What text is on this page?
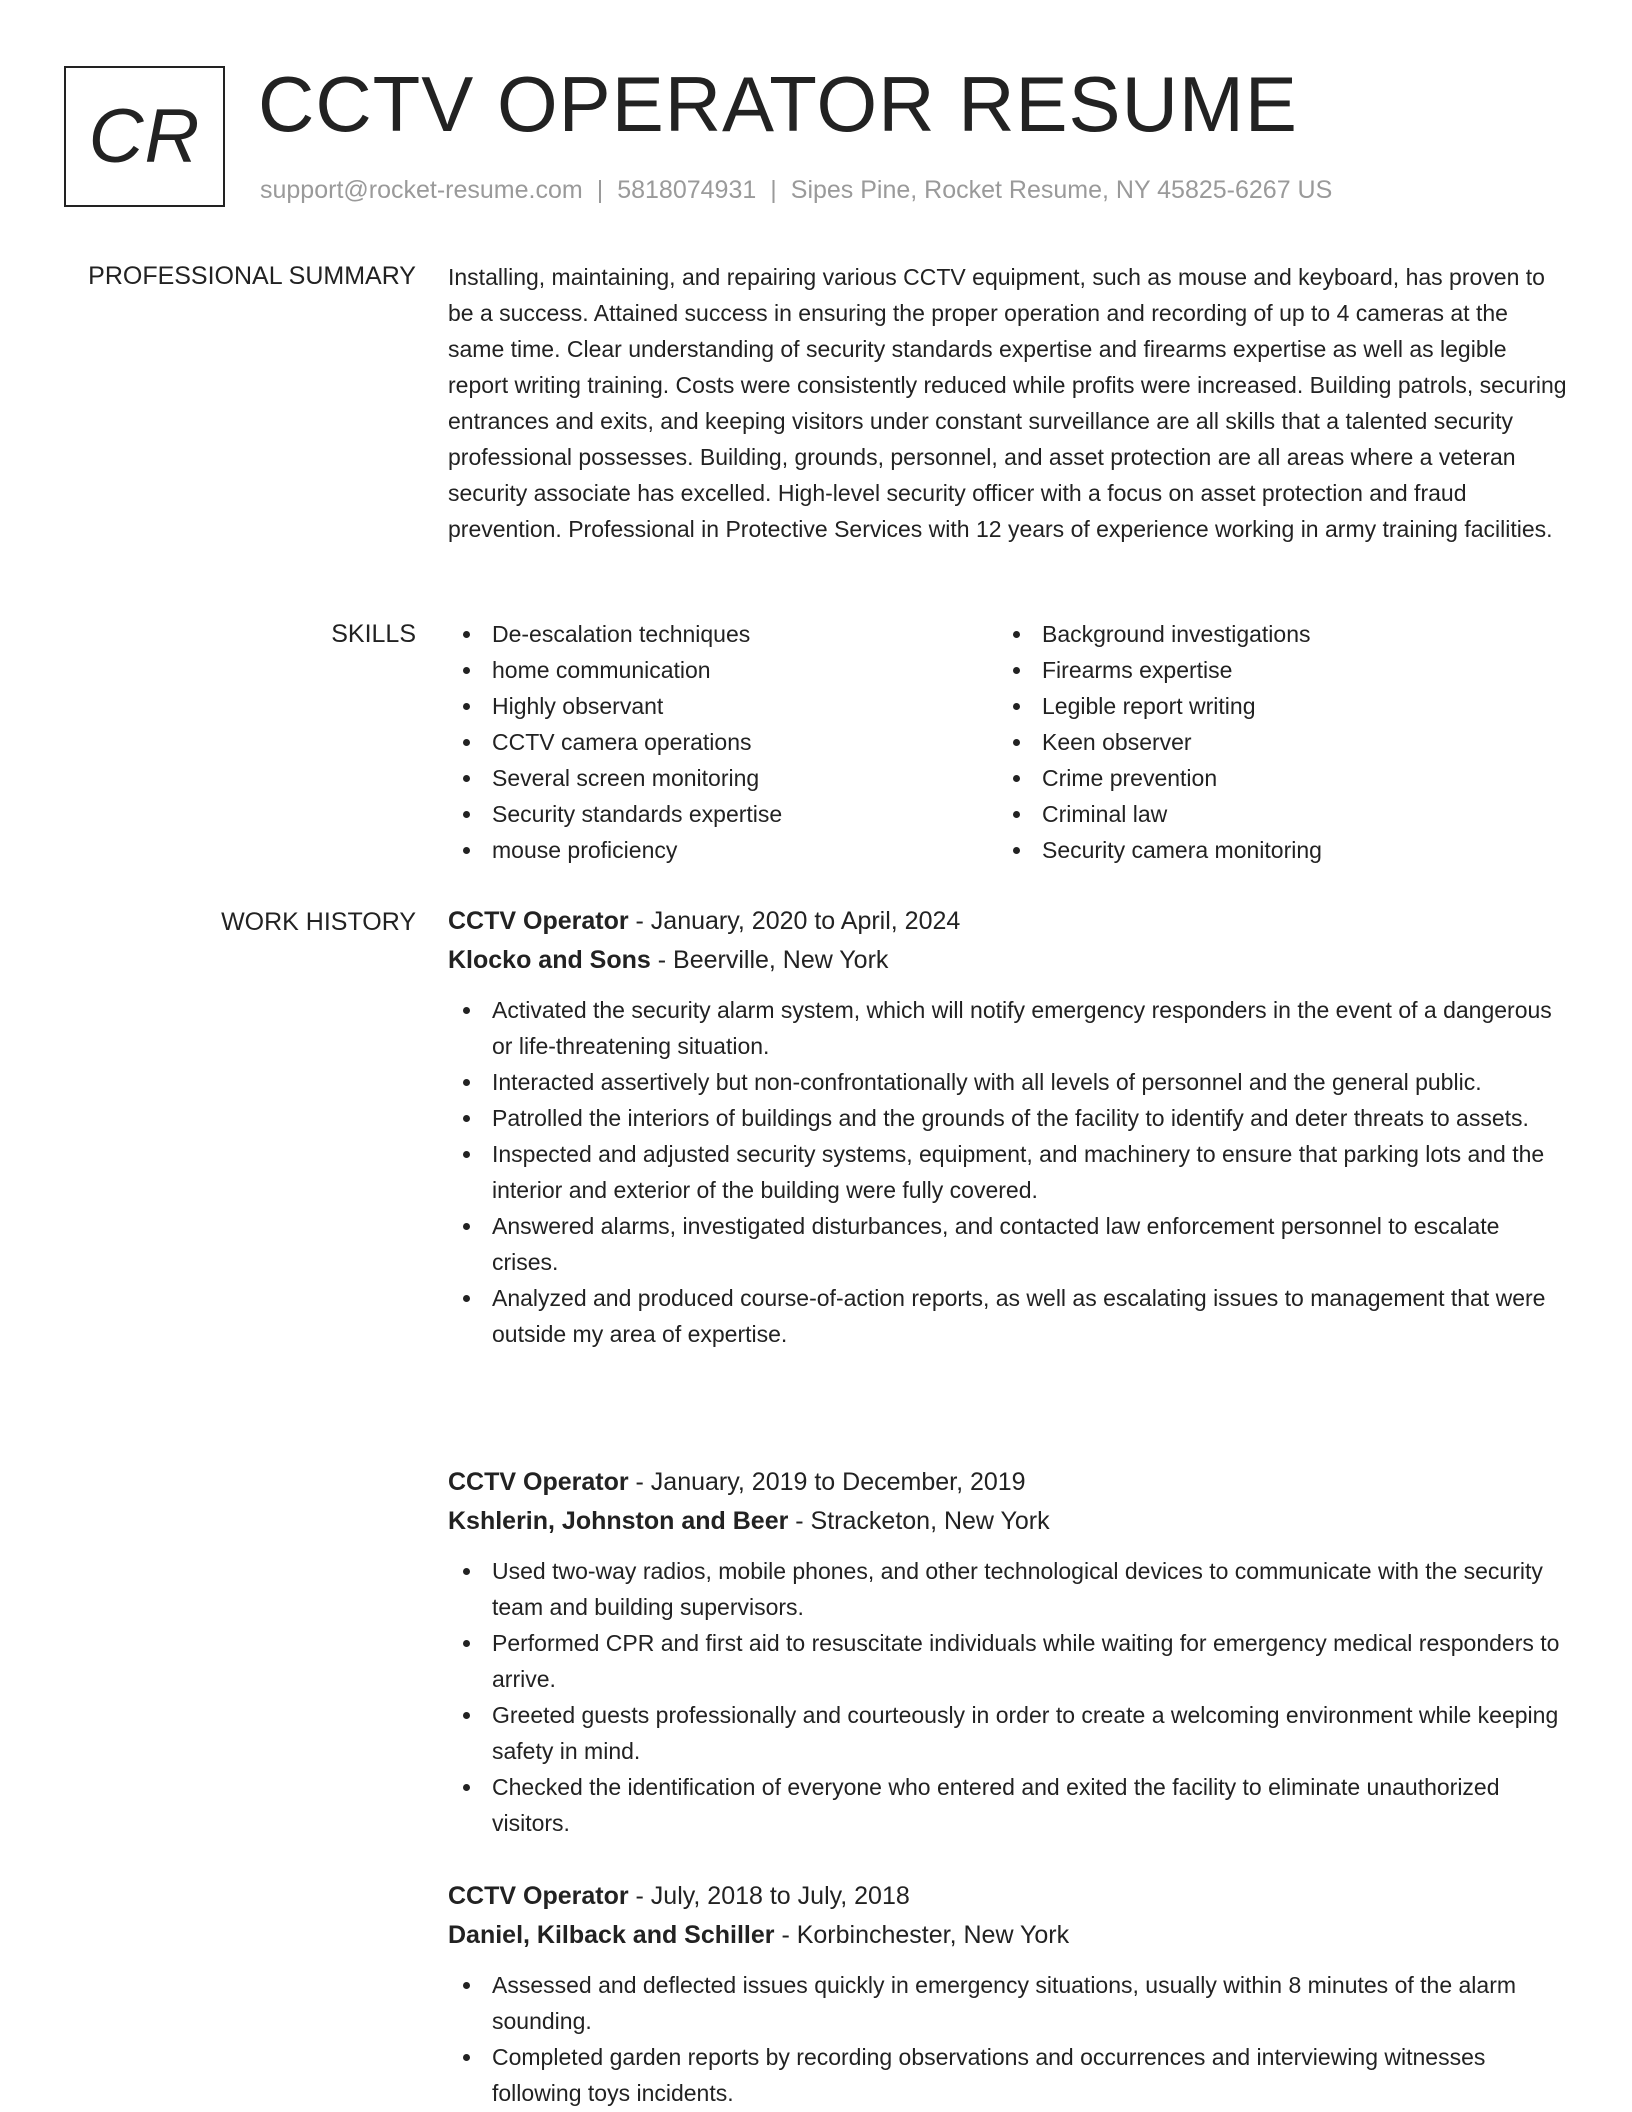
CR CCTV OPERATOR RESUME
support@rocket-resume.com | 5818074931 | Sipes Pine, Rocket Resume, NY 45825-6267 US
PROFESSIONAL SUMMARY Installing, maintaining, and repairing various CCTV equipment, such as mouse and keyboard, has proven to be a success. Attained success in ensuring the proper operation and recording of up to 4 cameras at the same time. Clear understanding of security standards expertise and firearms expertise as well as legible report writing training. Costs were consistently reduced while profits were increased. Building patrols, securing entrances and exits, and keeping visitors under constant surveillance are all skills that a talented security professional possesses. Building, grounds, personnel, and asset protection are all areas where a veteran security associate has excelled. High-level security officer with a focus on asset protection and fraud prevention. Professional in Protective Services with 12 years of experience working in army training facilities.

SKILLS	De-escalation techniques
home communication
Highly observant
CCTV camera operations
Several screen monitoring
Security standards expertise
mouse proficiency
Background investigations
Firearms expertise
Legible report writing
Keen observer
Crime prevention
Criminal law
Security camera monitoring
WORK HISTORY CCTV Operator - January, 2020 to April, 2024
Klocko and Sons - Beerville, New York
Activated the security alarm system, which will notify emergency responders in the event of a dangerous or life-threatening situation.
Interacted assertively but non-confrontationally with all levels of personnel and the general public.
Patrolled the interiors of buildings and the grounds of the facility to identify and deter threats to assets.
Inspected and adjusted security systems, equipment, and machinery to ensure that parking lots and the interior and exterior of the building were fully covered.
Answered alarms, investigated disturbances, and contacted law enforcement personnel to escalate crises.
Analyzed and produced course-of-action reports, as well as escalating issues to management that were outside my area of expertise.
CCTV Operator - January, 2019 to December, 2019
Kshlerin, Johnston and Beer - Stracketon, New York
Used two-way radios, mobile phones, and other technological devices to communicate with the security team and building supervisors.
Performed CPR and first aid to resuscitate individuals while waiting for emergency medical responders to arrive.
Greeted guests professionally and courteously in order to create a welcoming environment while keeping safety in mind.
Checked the identification of everyone who entered and exited the facility to eliminate unauthorized visitors.
CCTV Operator - July, 2018 to July, 2018
Daniel, Kilback and Schiller - Korbinchester, New York
Assessed and deflected issues quickly in emergency situations, usually within 8 minutes of the alarm sounding.
Completed garden reports by recording observations and occurrences and interviewing witnesses following toys incidents.
